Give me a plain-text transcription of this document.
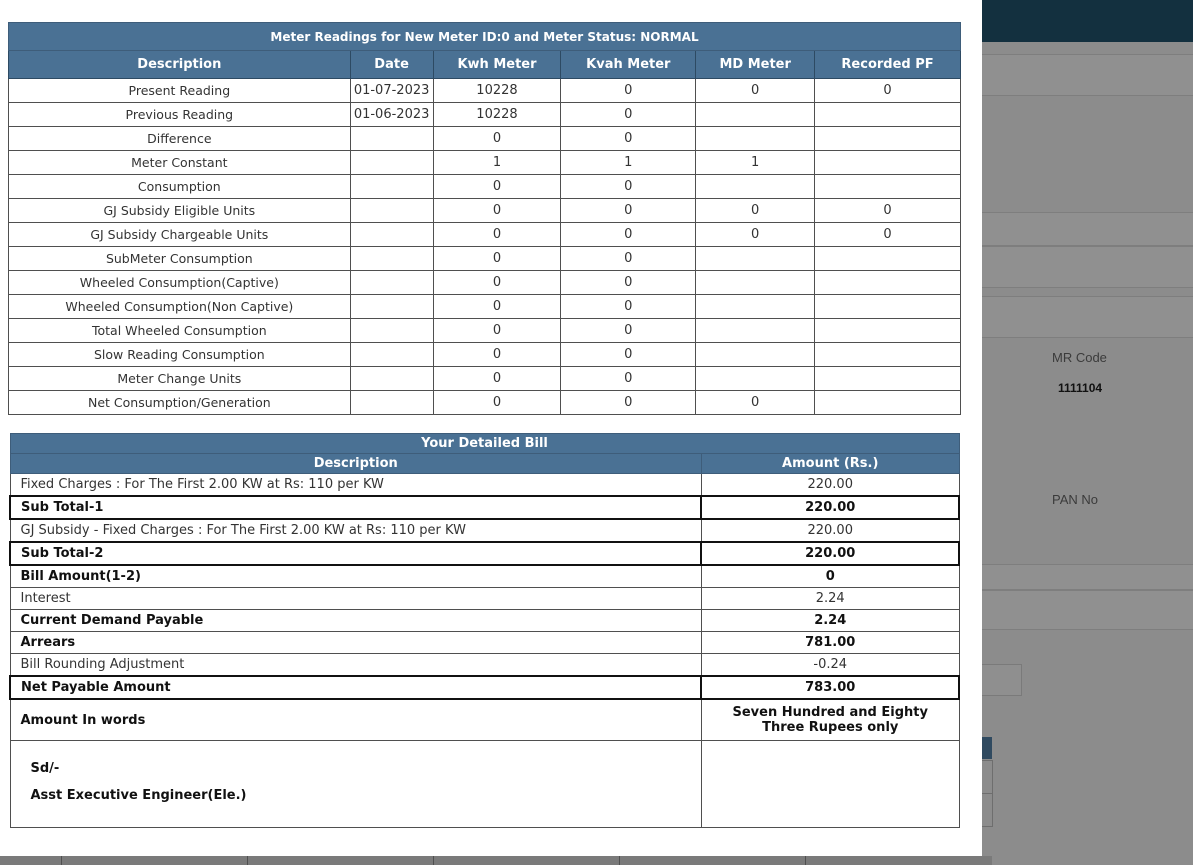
MR Code
1111104
PAN No
Meter Readings for New Meter ID:0 and Meter Status: NORMAL					
Description	Date	Kwh Meter	Kvah Meter	MD Meter	Recorded PF
Present Reading	01-07-2023	10228	0	0	0
Previous Reading	01-06-2023	10228	0		
Difference		0	0		
Meter Constant		1	1	1	
Consumption		0	0		
GJ Subsidy Eligible Units		0	0	0	0
GJ Subsidy Chargeable Units		0	0	0	0
SubMeter Consumption		0	0		
Wheeled Consumption(Captive)		0	0		
Wheeled Consumption(Non Captive)		0	0		
Total Wheeled Consumption		0	0		
Slow Reading Consumption		0	0		
Meter Change Units		0	0		
Net Consumption/Generation		0	0	0	
Your Detailed Bill	
Description	Amount (Rs.)
Fixed Charges : For The First 2.00 KW at Rs: 110 per KW	220.00
Sub Total-1	220.00
GJ Subsidy - Fixed Charges : For The First 2.00 KW at Rs: 110 per KW	220.00
Sub Total-2	220.00
Bill Amount(1-2)	0
Interest	2.24
Current Demand Payable	2.24
Arrears	781.00
Bill Rounding Adjustment	-0.24
Net Payable Amount	783.00
Amount In words	Seven Hundred and Eighty Three Rupees only

Sd/-
Asst Executive Engineer(Ele.)	
